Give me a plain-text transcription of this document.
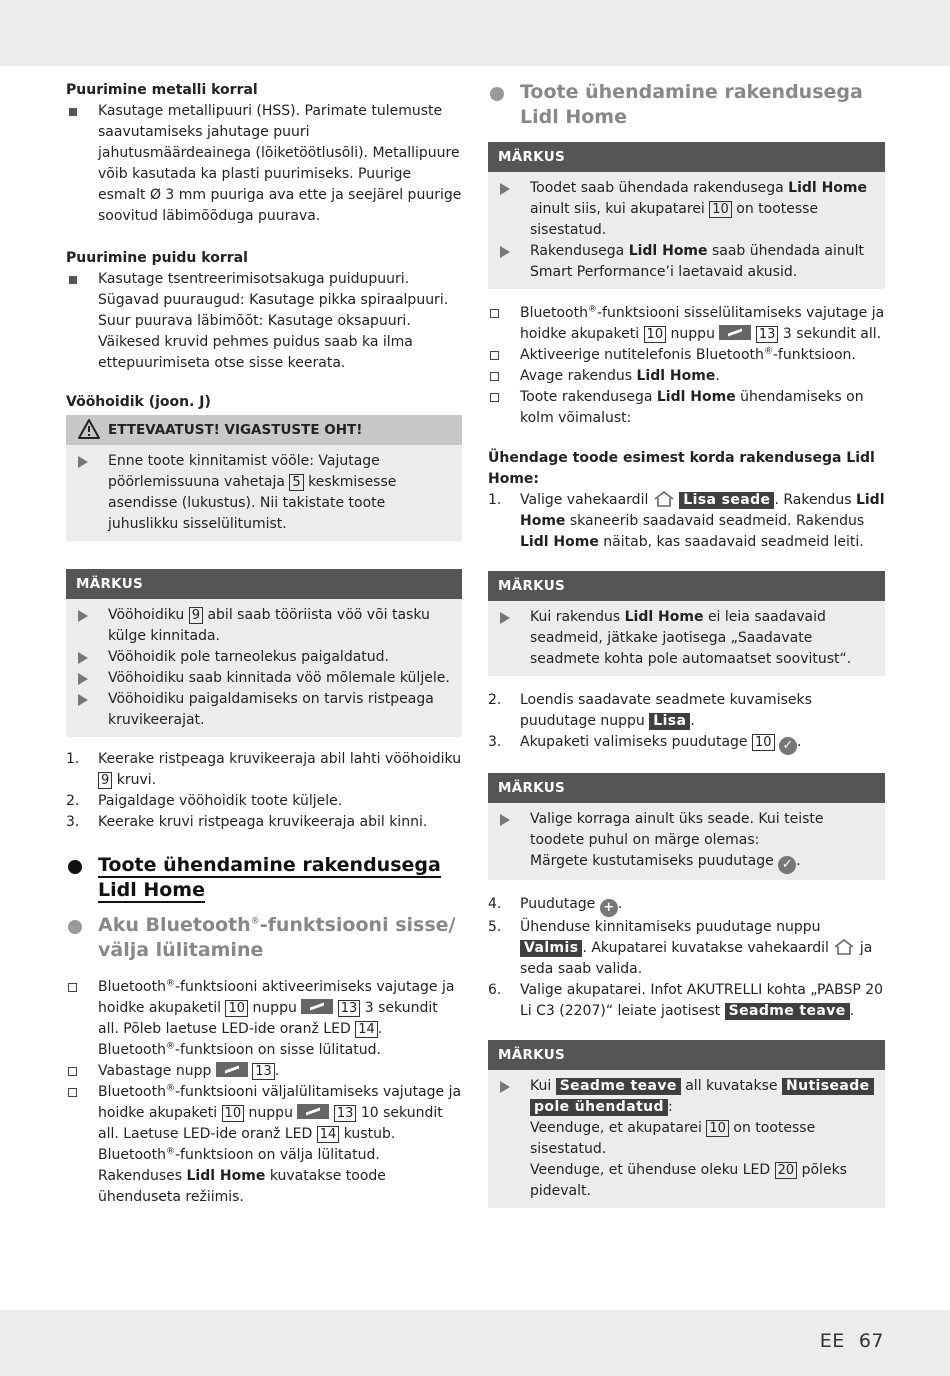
Puurimine metalli korral

Kasutage metallipuuri (HSS). Parimate tulemuste saavutamiseks jahutage puuri jahutusmäärdeainega (lõiketöötlusõli). Metallipuure võib kasutada ka plasti puurimiseks. Puurige esmalt Ø 3 mm puuriga ava ette ja seejärel puurige soovitud läbimõõduga puurava.

Puurimine puidu korral
Kasutage tsentreerimisotsakuga puidupuuri.
Sügavad puuraugud: Kasutage pikka spiraalpuuri.
Suur puurava läbimõõt: Kasutage oksapuuri.
Väikesed kruvid pehmes puidus saab ka ilma ettepuurimiseta otse sisse keerata.
Vööhoidik (joon. J)
ETTEVAATUST! VIGASTUSTE OHT!

Enne toote kinnitamist vööle: Vajutage pöörlemissuuna vahetaja 5 keskmisesse asendisse (lukustus). Nii takistate toote juhuslikku sisselülitumist.

MÄRKUS

Vööhoidiku 9 abil saab tööriista vöö või tasku külge kinnitada.

Vööhoidik pole tarneolekus paigaldatud.

Vööhoidiku saab kinnitada vöö mõlemale küljele.

Vööhoidiku paigaldamiseks on tarvis ristpeaga kruvikeerajat.

1. Keerake ristpeaga kruvikeeraja abil lahti vööhoidiku 9 kruvi.

2. Paigaldage vööhoidik toote küljele.

3. Keerake kruvi ristpeaga kruvikeeraja abil kinni.

Toote ühendamine rakendusega Lidl Home
Aku Bluetooth®-funktsiooni sisse/ välja lülitamine

Bluetooth®-funktsiooni aktiveerimiseks vajutage ja hoidke akupaketil 10 nuppu	13 3 sekundit all. Põleb laetuse LED-ide oranž LED 14 . Bluetooth®-funktsioon on sisse lülitatud.

Vabastage nupp	13 .

Bluetooth®-funktsiooni väljalülitamiseks vajutage ja hoidke akupaketi 10 nuppu	13 10 sekundit all. Laetuse LED-ide oranž LED 14 kustub. Bluetooth®-funktsioon on välja lülitatud. Rakenduses Lidl Home kuvatakse toode ühenduseta režiimis.

Toote ühendamine rakendusega Lidl Home
MÄRKUS

Toodet saab ühendada rakendusega Lidl Home ainult siis, kui akupatarei 10 on tootesse sisestatud.

Rakendusega Lidl Home saab ühendada ainult Smart Performance’i laetavaid akusid.

Bluetooth®-funktsiooni sisselülitamiseks vajutage ja hoidke akupaketi 10 nuppu	13 3 sekundit all.

Aktiveerige nutitelefonis Bluetooth®-funktsioon.

Avage rakendus Lidl Home.

Toote rakendusega Lidl Home ühendamiseks on kolm võimalust:

Ühendage toode esimest korda rakendusega Lidl Home:

1. Valige vahekaardil Lisa seade . Rakendus Lidl Home skaneerib saadavaid seadmeid. Rakendus Lidl Home näitab, kas saadavaid seadmeid leiti.

MÄRKUS

Kui rakendus Lidl Home ei leia saadavaid seadmeid, jätkake jaotisega „Saadavate seadmete kohta pole automaatset soovitust“.

2. Loendis saadavate seadmete kuvamiseks puudutage nuppu Lisa .

3. Akupaketi valimiseks puudutage 10 ✓ .

MÄRKUS

Valige korraga ainult üks seade. Kui teiste toodete puhul on märge olemas:
Märgete kustutamiseks puudutage ✓ .

4. Puudutage + .

5. Ühenduse kinnitamiseks puudutage nuppu Valmis . Akupatarei kuvatakse vahekaardil ja seda saab valida.

6. Valige akupatarei. Infot AKUTRELLI kohta „PABSP 20 Li C3 (2207)“ leiate jaotisest Seadme teave .

MÄRKUS

Kui Seadme teave all kuvatakse Nutiseade pole ühendatud :
Veenduge, et akupatarei 10 on tootesse sisestatud.
Veenduge, et ühenduse oleku LED 20 põleks pidevalt.

EE 67
